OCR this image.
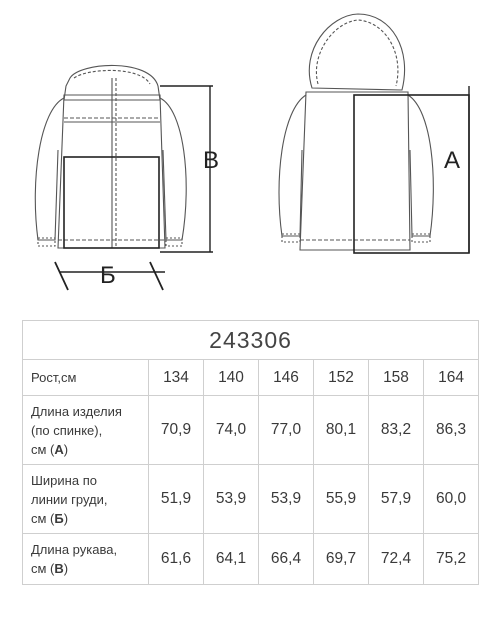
В
Б
А
243306						
Рост,см	134	140	146	152	158	164
Длина изделия
(по спинке),
см (А)	70,9	74,0	77,0	80,1	83,2	86,3
Ширина по
линии груди,
см (Б)	51,9	53,9	53,9	55,9	57,9	60,0
Длина рукава,
см (В)	61,6	64,1	66,4	69,7	72,4	75,2
